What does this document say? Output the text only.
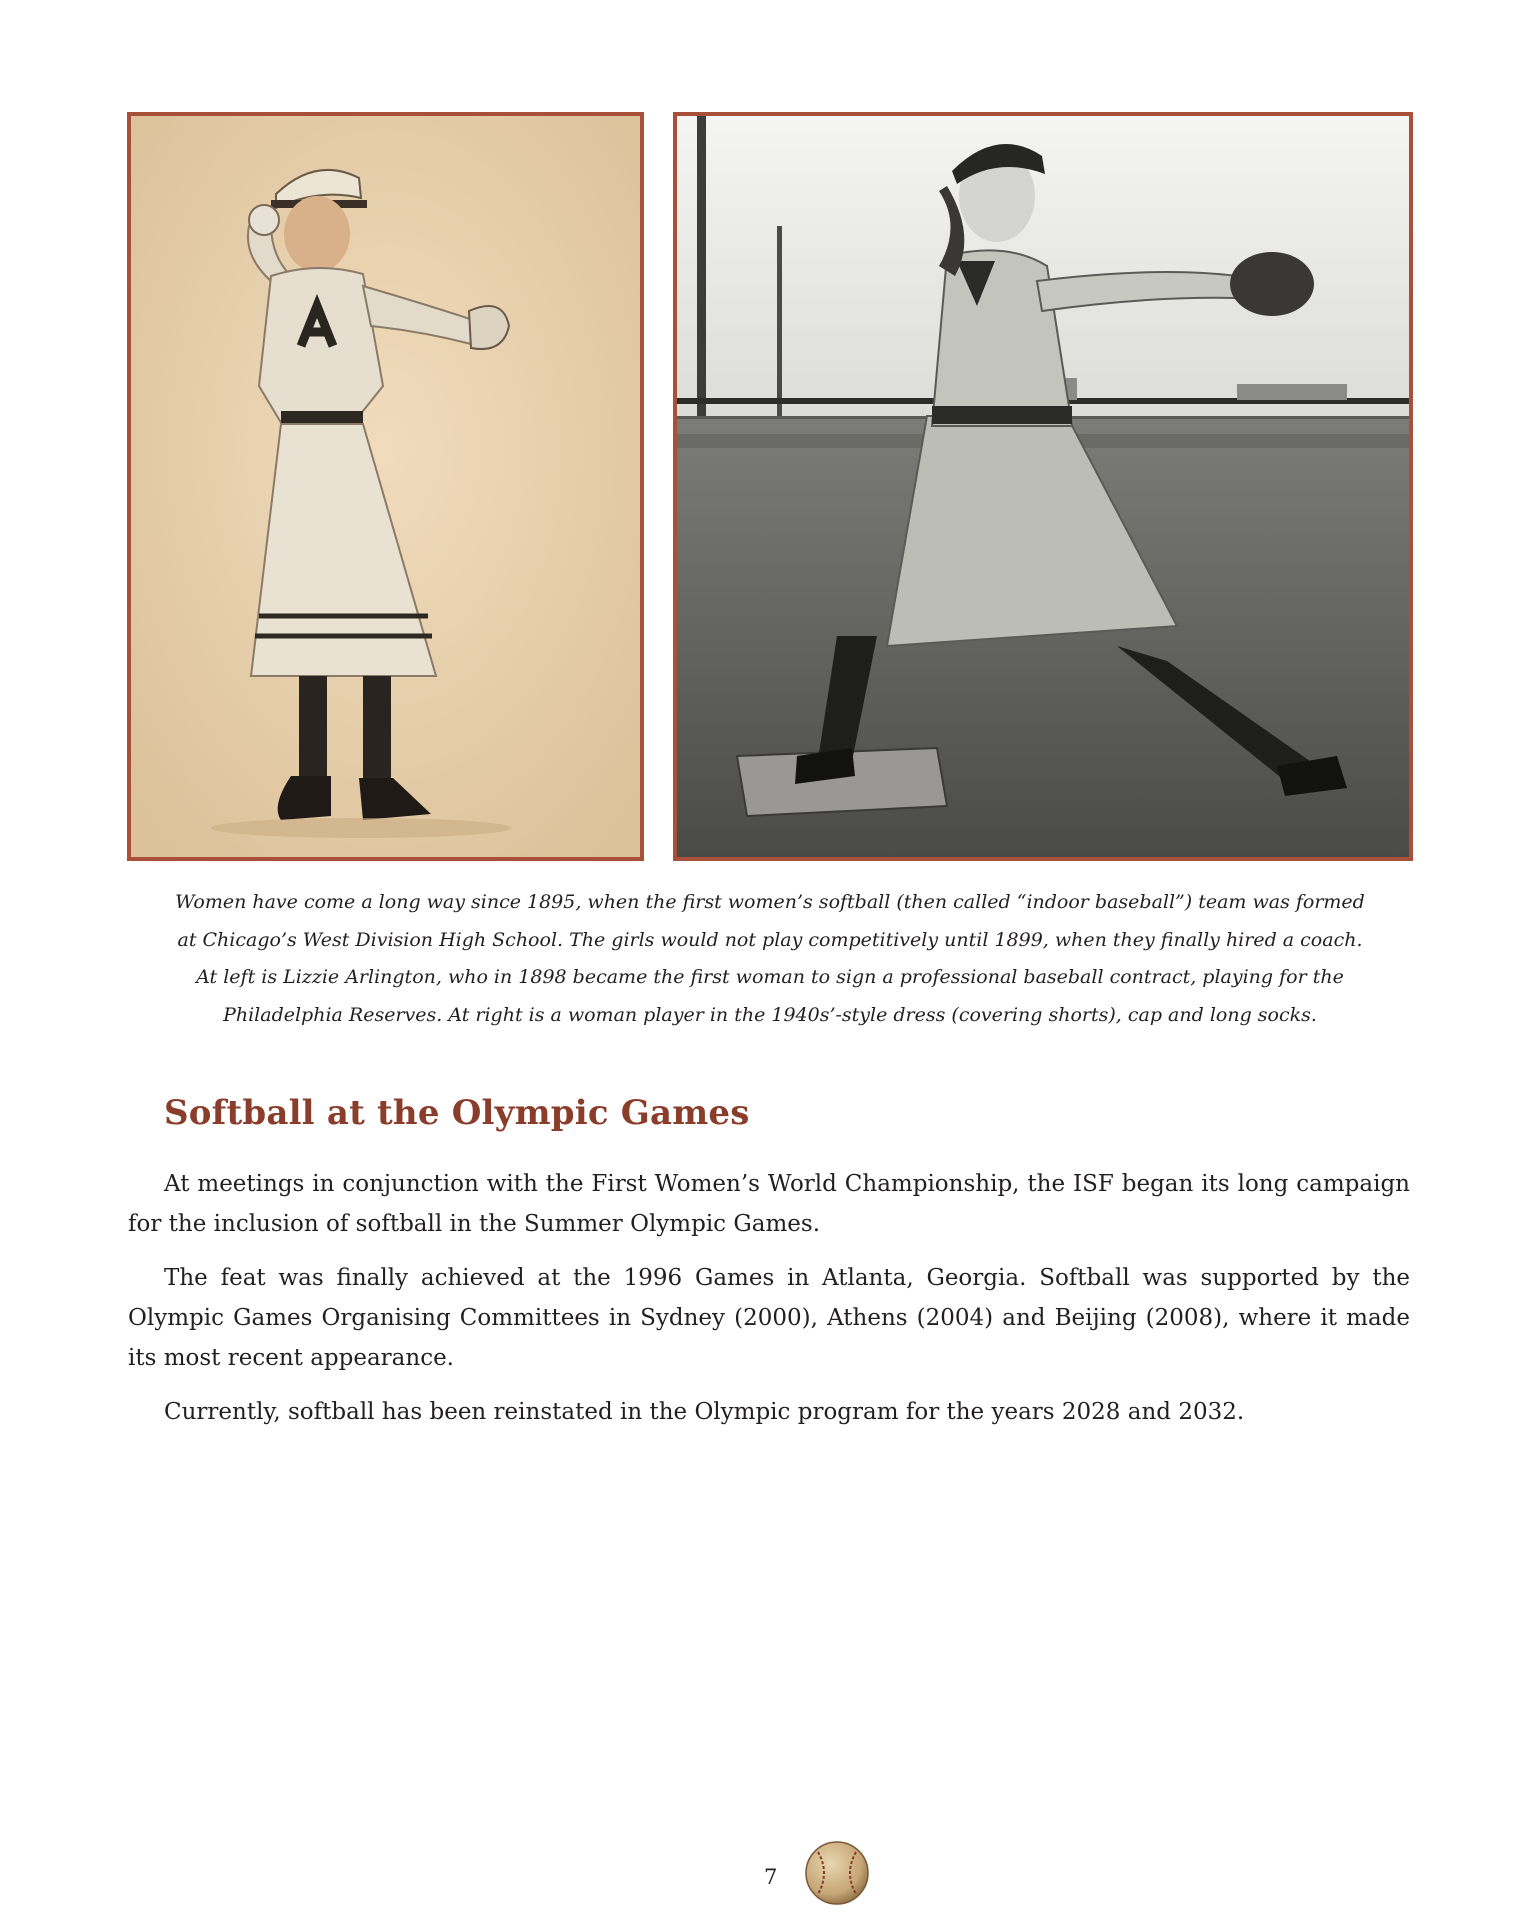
Women have come a long way since 1895, when the first women’s softball (then called “indoor baseball”) team was formed
at Chicago’s West Division High School. The girls would not play competitively until 1899, when they finally hired a coach.
At left is Lizzie Arlington, who in 1898 became the first woman to sign a professional baseball contract, playing for the
Philadelphia Reserves. At right is a woman player in the 1940s’-style dress (covering shorts), cap and long socks.

Softball at the Olympic Games

At meetings in conjunction with the First Women’s World Championship, the ISF began its long campaign for the inclusion of softball in the Summer Olympic Games.

The feat was finally achieved at the 1996 Games in Atlanta, Georgia. Softball was supported by the Olympic Games Organising Committees in Sydney (2000), Athens (2004) and Beijing (2008), where it made its most recent appearance.

Currently, softball has been reinstated in the Olympic program for the years 2028 and 2032.

7
